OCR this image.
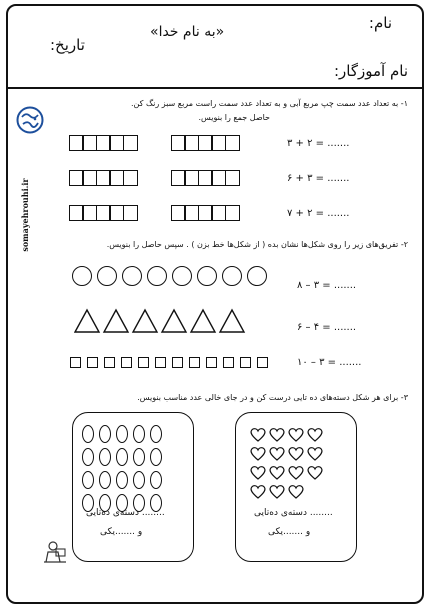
نام:
«به نام خدا»
تاریخ:
نام آموزگار:
somayehrouhi.ir
۱- به تعداد عدد سمت چپ مربع آبی و به تعداد عدد سمت راست مربع سبز رنگ کن.
حاصل جمع را بنویس.
۳ + ۲ = .......
۶ + ۳ = .......
۷ + ۲ = .......
۲- تفریق‌های زیر را روی شکل‌ها نشان بده ( از شکل‌ها خط بزن ) . سپس حاصل را بنویس.
۸ – ۳ = .......
۶ – ۴ = .......
۱۰ – ۳ = .......
۳- برای هر شکل دسته‌های ده تایی درست کن و در جای خالی عدد مناسب بنویس.
........ دسته‌ی ده‌تایی
و .......یکی
........ دسته‌ی ده‌تایی
و .......یکی
